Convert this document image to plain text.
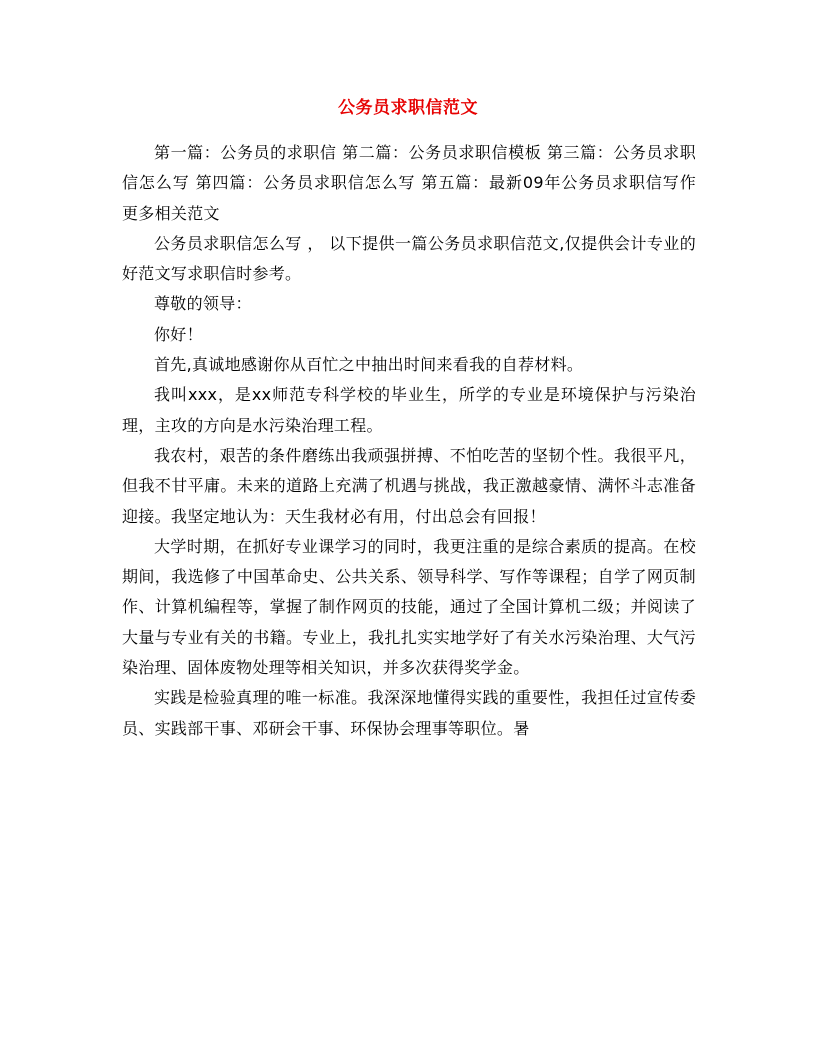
公务员求职信范文

第一篇：公务员的求职信 第二篇：公务员求职信模板 第三篇：公务员求职信怎么写 第四篇：公务员求职信怎么写 第五篇：最新09年公务员求职信写作 更多相关范文

公务员求职信怎么写 ， 以下提供一篇公务员求职信范文,仅提供会计专业的好范文写求职信时参考。

尊敬的领导：

你好！

首先,真诚地感谢你从百忙之中抽出时间来看我的自荐材料。

我叫xxx，是xx师范专科学校的毕业生，所学的专业是环境保护与污染治理，主攻的方向是水污染治理工程。

我农村，艰苦的条件磨练出我顽强拼搏、不怕吃苦的坚韧个性。我很平凡，但我不甘平庸。未来的道路上充满了机遇与挑战，我正激越豪情、满怀斗志准备迎接。我坚定地认为：天生我材必有用，付出总会有回报！

大学时期，在抓好专业课学习的同时，我更注重的是综合素质的提高。在校期间，我选修了中国革命史、公共关系、领导科学、写作等课程；自学了网页制作、计算机编程等，掌握了制作网页的技能，通过了全国计算机二级；并阅读了大量与专业有关的书籍。专业上，我扎扎实实地学好了有关水污染治理、大气污染治理、固体废物处理等相关知识，并多次获得奖学金。

实践是检验真理的唯一标准。我深深地懂得实践的重要性，我担任过宣传委员、实践部干事、邓研会干事、环保协会理事等职位。暑
